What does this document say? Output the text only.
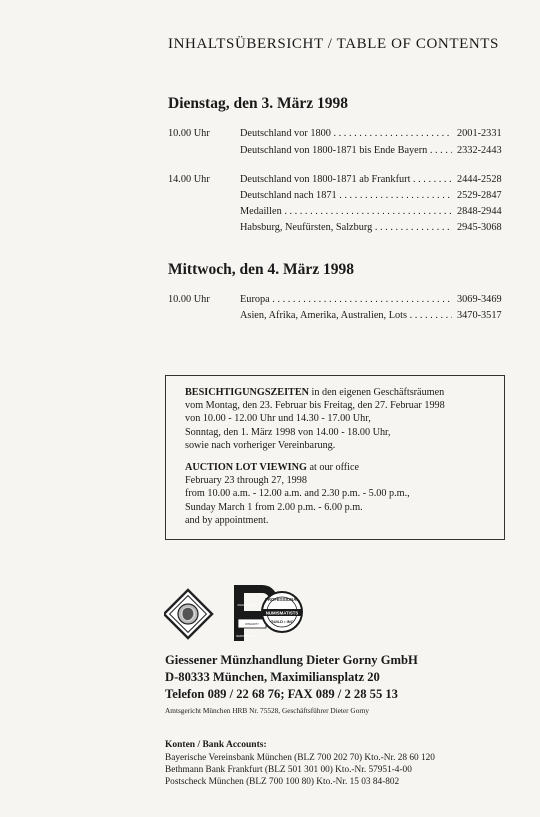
INHALTSÜBERSICHT / TABLE OF CONTENTS
Dienstag, den 3. März 1998
10.00 Uhr	Deutschland vor 1800 . . .	2001-2331
Deutschland von 1800-1871 bis Ende Bayern . . .	2332-2443
14.00 Uhr	Deutschland von 1800-1871 ab Frankfurt . . .	2444-2528
Deutschland nach 1871 . . .	2529-2847
Medaillen . . .	2848-2944
Habsburg, Neufürsten, Salzburg . . .	2945-3068
Mittwoch, den 4. März 1998
10.00 Uhr	Europa . . .	3069-3469
Asien, Afrika, Amerika, Australien, Lots . . .	3470-3517

BESICHTIGUNGSZEITEN in den eigenen Geschäftsräumen
vom Montag, den 23. Februar bis Freitag, den 27. Februar 1998
von 10.00 - 12.00 Uhr und 14.30 - 17.00 Uhr,
Sonntag, den 1. März 1998 von 14.00 - 18.00 Uhr,
sowie nach vorheriger Vereinbarung.

AUCTION LOT VIEWING at our office
February 23 through 27, 1998
from 10.00 a.m. - 12.00 a.m. and 2.30 p.m. - 5.00 p.m.,
Sunday March 1 from 2.00 p.m. - 6.00 p.m.
and by appointment.

PROFESSIONAL
NUMISMATISTS
GUILD • INC
KNOWLEDGE
INTEGRITY
RESPONSIBILITY
Giessener Münzhandlung Dieter Gorny GmbH
D-80333 München, Maximiliansplatz 20
Telefon 089 / 22 68 76; FAX 089 / 2 28 55 13
Amtsgericht München HRB Nr. 75528, Geschäftsführer Dieter Gorny
Konten / Bank Accounts:
Bayerische Vereinsbank München (BLZ 700 202 70) Kto.-Nr. 28 60 120
Bethmann Bank Frankfurt (BLZ 501 301 00) Kto.-Nr. 57951-4-00
Postscheck München (BLZ 700 100 80) Kto.-Nr. 15 03 84-802
